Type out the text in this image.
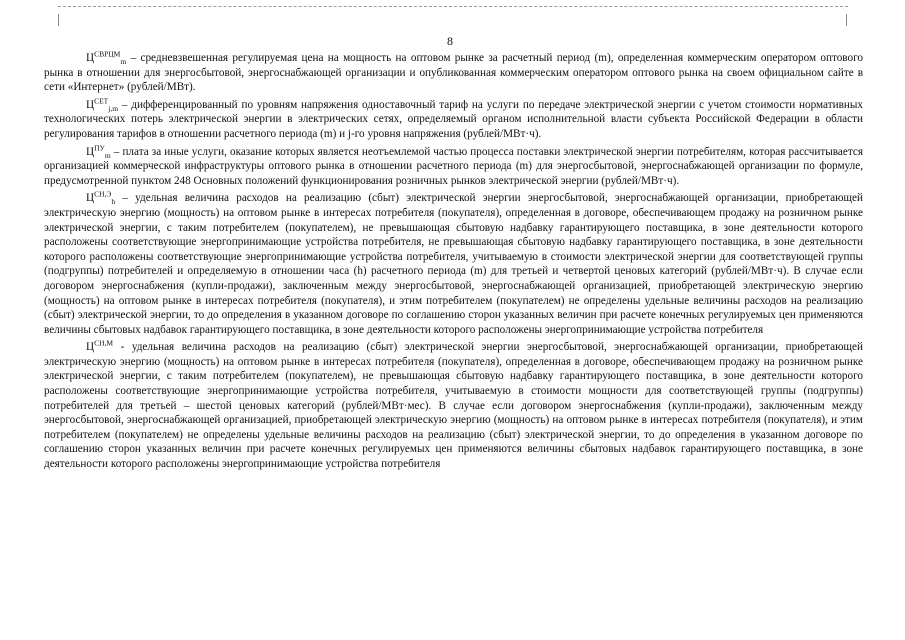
8

$Ц^{СВРЦМ}_m$ – средневзвешенная регулируемая цена на мощность на оптовом рынке за расчетный период (m), определенная коммерческим оператором оптового рынка в отношении для энергосбытовой, энергоснабжающей организации и опубликованная коммерческим оператором оптового рынка на своем официальном сайте в сети «Интернет» (рублей/МВт).

$Ц^{СЕТ}_{j,m}$ – дифференцированный по уровням напряжения одноставочный тариф на услуги по передаче электрической энергии с учетом стоимости нормативных технологических потерь электрической энергии в электрических сетях, определяемый органом исполнительной власти субъекта Российской Федерации в области регулирования тарифов в отношении расчетного периода (m) и j-го уровня напряжения (рублей/МВт·ч).

$Ц^{ПУ}_m$ – плата за иные услуги, оказание которых является неотъемлемой частью процесса поставки электрической энергии потребителям, которая рассчитывается организацией коммерческой инфраструктуры оптового рынка в отношении расчетного периода (m) для энергосбытовой, энергоснабжающей организации по формуле, предусмотренной пунктом 248 Основных положений функционирования розничных рынков электрической энергии (рублей/МВт·ч).

$Ц^{СН,Э}_h$ – удельная величина расходов на реализацию (сбыт) электрической энергии энергосбытовой, энергоснабжающей организации, приобретающей электрическую энергию (мощность) на оптовом рынке в интересах потребителя (покупателя), определенная в договоре, обеспечивающем продажу на розничном рынке электрической энергии, с таким потребителем (покупателем), не превышающая сбытовую надбавку гарантирующего поставщика, в зоне деятельности которого расположены соответствующие энергопринимающие устройства потребителя, не превышающая сбытовую надбавку гарантирующего поставщика, в зоне деятельности которого расположены соответствующие энергопринимающие устройства потребителя, учитываемую в стоимости электрической энергии для соответствующей группы (подгруппы) потребителей и определяемую в отношении часа (h) расчетного периода (m) для третьей и четвертой ценовых категорий (рублей/МВт·ч). В случае если договором энергоснабжения (купли-продажи), заключенным между энергосбытовой, энергоснабжающей организацией, приобретающей электрическую энергию (мощность) на оптовом рынке в интересах потребителя (покупателя), и этим потребителем (покупателем) не определены удельные величины расходов на реализацию (сбыт) электрической энергии, то до определения в указанном договоре по соглашению сторон указанных величин при расчете конечных регулируемых цен применяются величины сбытовых надбавок гарантирующего поставщика, в зоне деятельности которого расположены энергопринимающие устройства потребителя

$Ц^{СН,М}$ - удельная величина расходов на реализацию (сбыт) электрической энергии энергосбытовой, энергоснабжающей организации, приобретающей электрическую энергию (мощность) на оптовом рынке в интересах потребителя (покупателя), определенная в договоре, обеспечивающем продажу на розничном рынке электрической энергии, с таким потребителем (покупателем), не превышающая сбытовую надбавку гарантирующего поставщика, в зоне деятельности которого расположены соответствующие энергопринимающие устройства потребителя, учитываемую в стоимости мощности для соответствующей группы (подгруппы) потребителей для третьей – шестой ценовых категорий (рублей/МВт·мес). В случае если договором энергоснабжения (купли-продажи), заключенным между энергосбытовой, энергоснабжающей организацией, приобретающей электрическую энергию (мощность) на оптовом рынке в интересах потребителя (покупателя), и этим потребителем (покупателем) не определены удельные величины расходов на реализацию (сбыт) электрической энергии, то до определения в указанном договоре по соглашению сторон указанных величин при расчете конечных регулируемых цен применяются величины сбытовых надбавок гарантирующего поставщика, в зоне деятельности которого расположены энергопринимающие устройства потребителя
